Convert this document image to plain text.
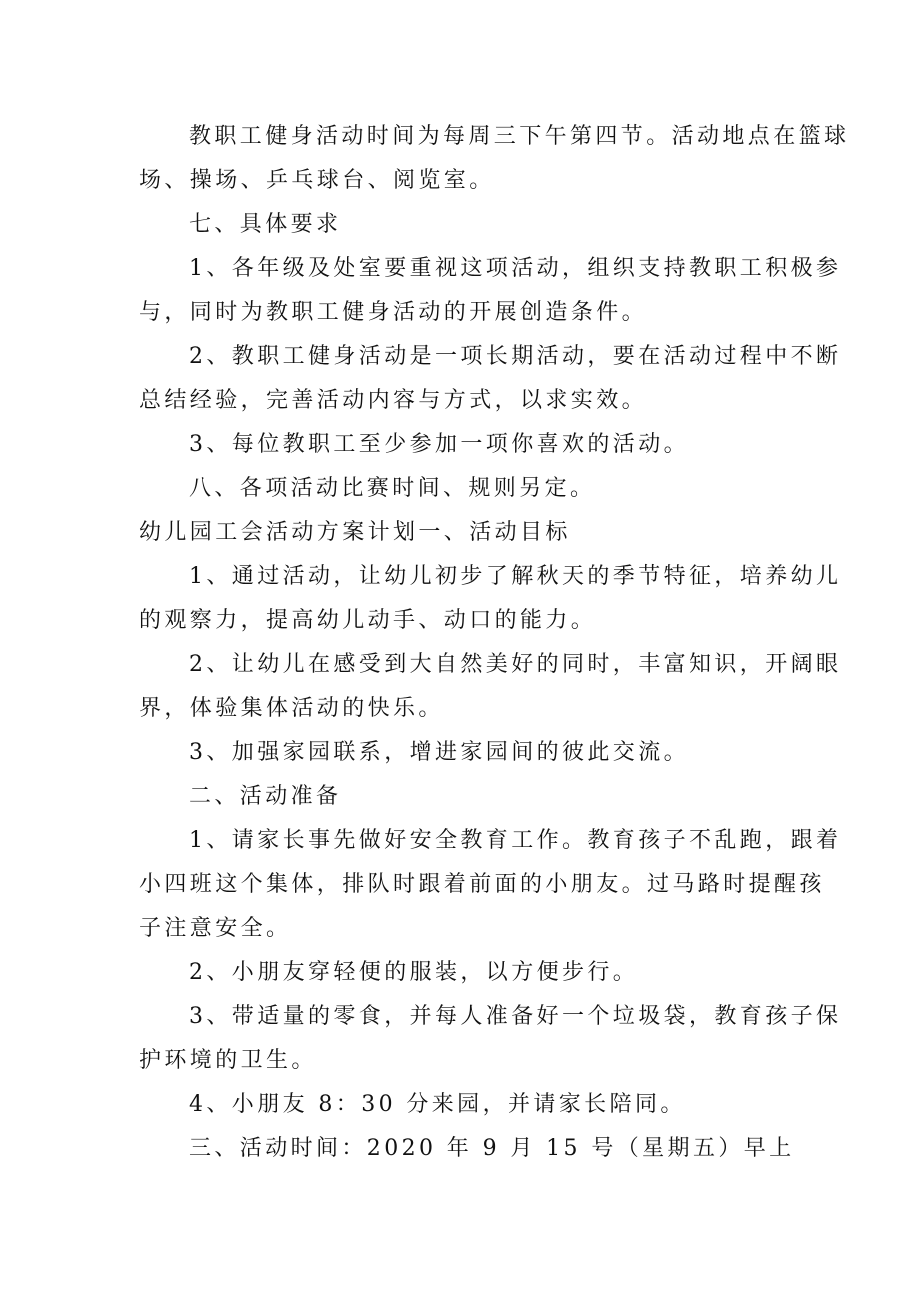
教职工健身活动时间为每周三下午第四节。活动地点在篮球

场、操场、乒乓球台、阅览室。

七、具体要求

1、各年级及处室要重视这项活动，组织支持教职工积极参

与，同时为教职工健身活动的开展创造条件。

2、教职工健身活动是一项长期活动，要在活动过程中不断

总结经验，完善活动内容与方式，以求实效。

3、每位教职工至少参加一项你喜欢的活动。

八、各项活动比赛时间、规则另定。

幼儿园工会活动方案计划一、活动目标

1、通过活动，让幼儿初步了解秋天的季节特征，培养幼儿

的观察力，提高幼儿动手、动口的能力。

2、让幼儿在感受到大自然美好的同时，丰富知识，开阔眼

界，体验集体活动的快乐。

3、加强家园联系，增进家园间的彼此交流。

二、活动准备

1、请家长事先做好安全教育工作。教育孩子不乱跑，跟着

小四班这个集体，排队时跟着前面的小朋友。过马路时提醒孩

子注意安全。

2、小朋友穿轻便的服装，以方便步行。

3、带适量的零食，并每人准备好一个垃圾袋，教育孩子保

护环境的卫生。

4、小朋友 8：30 分来园，并请家长陪同。

三、活动时间：2020 年 9 月 15 号（星期五）早上
